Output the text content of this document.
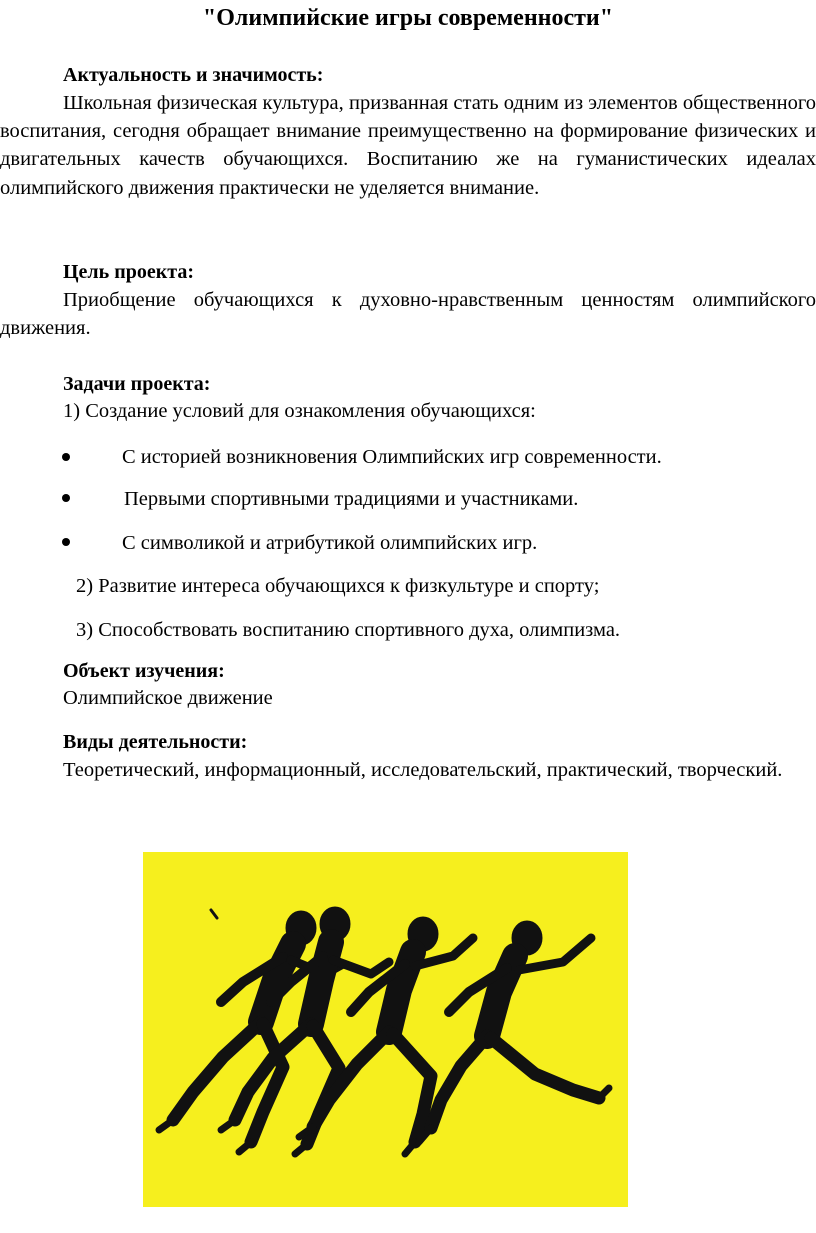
"Олимпийские игры современности"
Актуальность и значимость:
Школьная физическая культура, призванная стать одним из элементов общественного воспитания, сегодня обращает внимание преимущественно на формирование физических и двигательных качеств обучающихся. Воспитанию же на гуманистических идеалах олимпийского движения практически не уделяется внимание.
Цель проекта:
Приобщение обучающихся к духовно-нравственным ценностям олимпийского движения.
Задачи проекта:
1) Создание условий для ознакомления обучающихся:
С историей возникновения Олимпийских игр современности.
Первыми спортивными традициями и участниками.
С символикой и атрибутикой олимпийских игр.
2) Развитие интереса обучающихся к физкультуре и спорту;
3) Способствовать воспитанию спортивного духа, олимпизма.
Объект изучения:
Олимпийское движение
Виды деятельности:
Теоретический, информационный, исследовательский, практический, творческий.
